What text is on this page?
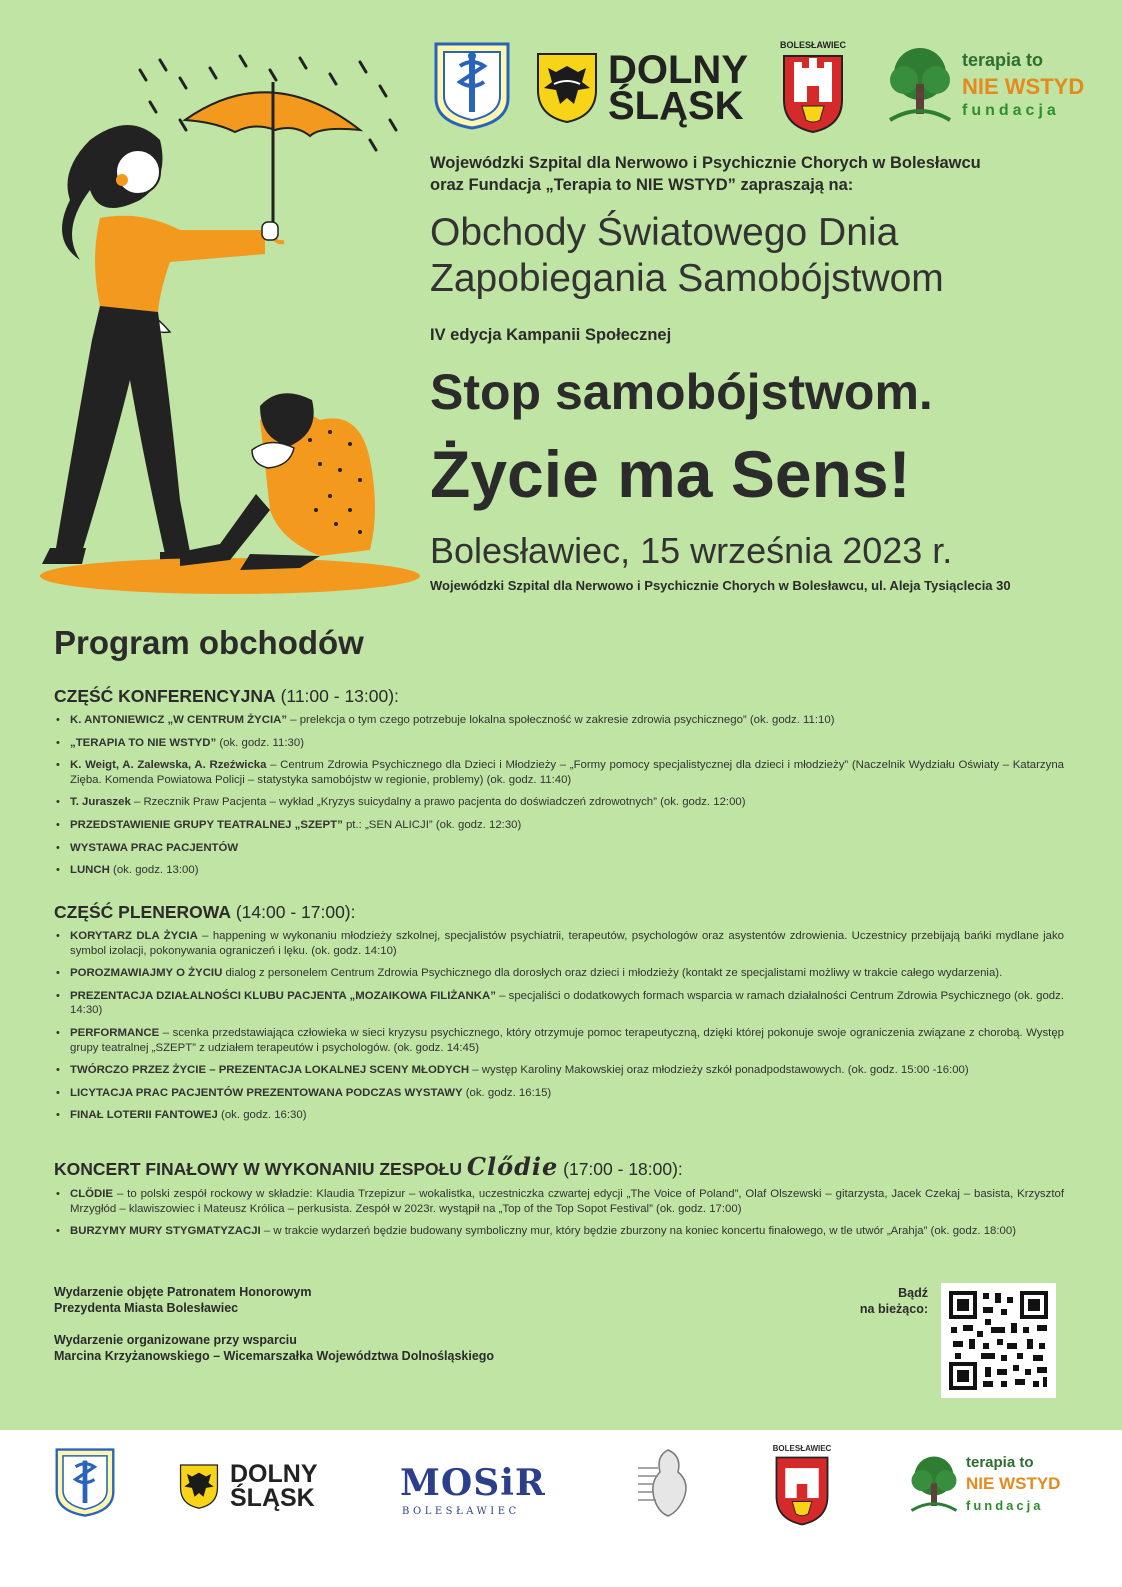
DOLNY
ŚLĄSK
BOLESŁAWIEC
terapia to
NIE WSTYD
fundacja
Wojewódzki Szpital dla Nerwowo i Psychicznie Chorych w Bolesławcu
oraz Fundacja „Terapia to NIE WSTYD” zapraszają na:
Obchody Światowego Dnia
Zapobiegania Samobójstwom
IV edycja Kampanii Społecznej
Stop samobójstwom.
Życie ma Sens!
Bolesławiec, 15 września 2023 r.
Wojewódzki Szpital dla Nerwowo i Psychicznie Chorych w Bolesławcu, ul. Aleja Tysiąclecia 30
Program obchodów
CZĘŚĆ KONFERENCYJNA (11:00 - 13:00):
• K. ANTONIEWICZ „W CENTRUM ŻYCIA” – prelekcja o tym czego potrzebuje lokalna społeczność w zakresie zdrowia psychicznego” (ok. godz. 11:10)
• „TERAPIA TO NIE WSTYD” (ok. godz. 11:30)
• K. Weigt, A. Zalewska, A. Rzeźwicka – Centrum Zdrowia Psychicznego dla Dzieci i Młodzieży – „Formy pomocy specjalistycznej dla dzieci i młodzieży” (Naczelnik Wydziału Oświaty – Katarzyna Zięba. Komenda Powiatowa Policji – statystyka samobójstw w regionie, problemy) (ok. godz. 11:40)
• T. Juraszek – Rzecznik Praw Pacjenta – wykład „Kryzys suicydalny a prawo pacjenta do doświadczeń zdrowotnych” (ok. godz. 12:00)
• PRZEDSTAWIENIE GRUPY TEATRALNEJ „SZEPT” pt.: „SEN ALICJI” (ok. godz. 12:30)
• WYSTAWA PRAC PACJENTÓW
• LUNCH (ok. godz. 13:00)
CZĘŚĆ PLENEROWA (14:00 - 17:00):
• KORYTARZ DLA ŻYCIA – happening w wykonaniu młodzieży szkolnej, specjalistów psychiatrii, terapeutów, psychologów oraz asystentów zdrowienia. Uczestnicy przebijają bańki mydlane jako symbol izolacji, pokonywania ograniczeń i lęku. (ok. godz. 14:10)
• POROZMAWIAJMY O ŻYCIU dialog z personelem Centrum Zdrowia Psychicznego dla dorosłych oraz dzieci i młodzieży (kontakt ze specjalistami możliwy w trakcie całego wydarzenia).
• PREZENTACJA DZIAŁALNOŚCI KLUBU PACJENTA „MOZAIKOWA FILIŻANKA” – specjaliści o dodatkowych formach wsparcia w ramach działalności Centrum Zdrowia Psychicznego (ok. godz. 14:30)
• PERFORMANCE – scenka przedstawiająca człowieka w sieci kryzysu psychicznego, który otrzymuje pomoc terapeutyczną, dzięki której pokonuje swoje ograniczenia związane z chorobą. Występ grupy teatralnej „SZEPT” z udziałem terapeutów i psychologów. (ok. godz. 14:45)
• TWÓRCZO PRZEZ ŻYCIE – PREZENTACJA LOKALNEJ SCENY MŁODYCH – występ Karoliny Makowskiej oraz młodzieży szkół ponadpodstawowych. (ok. godz. 15:00 -16:00)
• LICYTACJA PRAC PACJENTÓW PREZENTOWANA PODCZAS WYSTAWY (ok. godz. 16:15)
• FINAŁ LOTERII FANTOWEJ (ok. godz. 16:30)
KONCERT FINAŁOWY W WYKONANIU ZESPOŁU Clődie (17:00 - 18:00):
• CLÖDIE – to polski zespół rockowy w składzie: Klaudia Trzepizur – wokalistka, uczestniczka czwartej edycji „The Voice of Poland”, Olaf Olszewski – gitarzysta, Jacek Czekaj – basista, Krzysztof Mrzygłód – klawiszowiec i Mateusz Królica – perkusista. Zespół w 2023r. wystąpił na „Top of the Top Sopot Festival” (ok. godz. 17:00)
• BURZYMY MURY STYGMATYZACJI – w trakcie wydarzeń będzie budowany symboliczny mur, który będzie zburzony na koniec koncertu finałowego, w tle utwór „Arahja” (ok. godz. 18:00)
Wydarzenie objęte Patronatem Honorowym
Prezydenta Miasta Bolesławiec
Wydarzenie organizowane przy wsparciu
Marcina Krzyżanowskiego – Wicemarszałka Województwa Dolnośląskiego
Bądź
na bieżąco:
DOLNY
ŚLĄSK MOSiR
BOLESŁAWIEC
BOLESŁAWIEC
terapia to
NIE WSTYD
fundacja
